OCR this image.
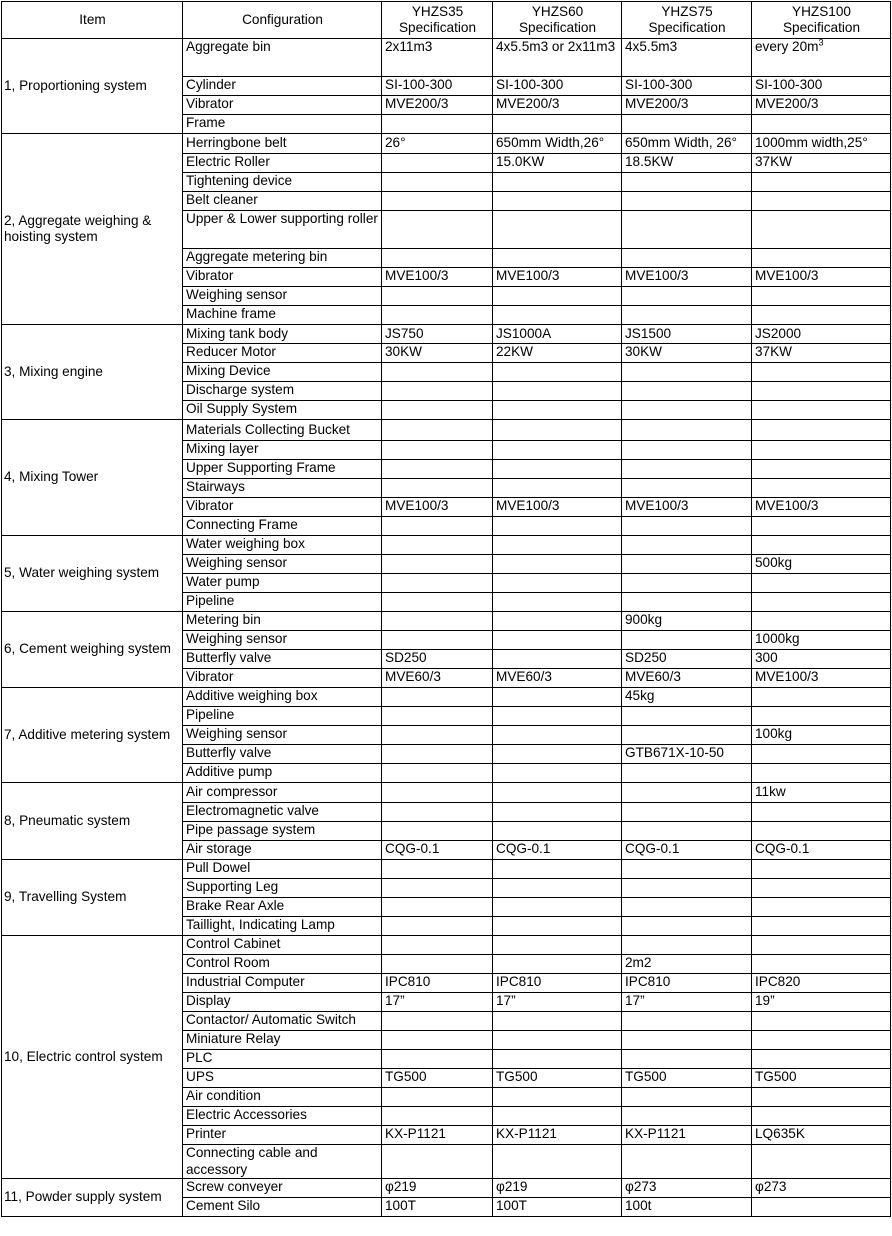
Item	Configuration	YHZS35 Specification	YHZS60 Specification	YHZS75 Specification	YHZS100 Specification
1, Proportioning system	Aggregate bin	2x11m3	4x5.5m3 or 2x11m3	4x5.5m3	every $20m^3$
	Cylinder	SI-100-300	SI-100-300	SI-100-300	SI-100-300
	Vibrator	MVE200/3	MVE200/3	MVE200/3	MVE200/3
	Frame				
2, Aggregate weighing & hoisting system	Herringbone belt	26°	650mm Width,26°	650mm Width, 26°	1000mm width,25°
	Electric Roller		15.0KW	18.5KW	37KW
	Tightening device				
	Belt cleaner				
	Upper & Lower supporting roller				
	Aggregate metering bin				
	Vibrator	MVE100/3	MVE100/3	MVE100/3	MVE100/3
	Weighing sensor				
	Machine frame				
3, Mixing engine	Mixing tank body	JS750	JS1000A	JS1500	JS2000
	Reducer Motor	30KW	22KW	30KW	37KW
	Mixing Device				
	Discharge system				
	Oil Supply System				
4, Mixing Tower	Materials Collecting Bucket				
	Mixing layer				
	Upper Supporting Frame				
	Stairways				
	Vibrator	MVE100/3	MVE100/3	MVE100/3	MVE100/3
	Connecting Frame				
5, Water weighing system	Water weighing box				
	Weighing sensor				500kg
	Water pump				
	Pipeline				
6, Cement weighing system	Metering bin			900kg	
	Weighing sensor				1000kg
	Butterfly valve	SD250		SD250	300
	Vibrator	MVE60/3	MVE60/3	MVE60/3	MVE100/3
7, Additive metering system	Additive weighing box			45kg	
	Pipeline				
	Weighing sensor				100kg
	Butterfly valve			GTB671X-10-50	
	Additive pump				
8, Pneumatic system	Air compressor				11kw
	Electromagnetic valve				
	Pipe passage system				
	Air storage	CQG-0.1	CQG-0.1	CQG-0.1	CQG-0.1
9, Travelling System	Pull Dowel				
	Supporting Leg				
	Brake Rear Axle				
	Taillight, Indicating Lamp				
10, Electric control system	Control Cabinet				
	Control Room			2m2	
	Industrial Computer	IPC810	IPC810	IPC810	IPC820
	Display	17”	17”	17”	19”
	Contactor/ Automatic Switch				
	Miniature Relay				
	PLC				
	UPS	TG500	TG500	TG500	TG500
	Air condition				
	Electric Accessories				
	Printer	KX-P1121	KX-P1121	KX-P1121	LQ635K
	Connecting cable and accessory				
11, Powder supply system	Screw conveyer	φ219	φ219	φ273	φ273
	Cement Silo	100T	100T	100t	
